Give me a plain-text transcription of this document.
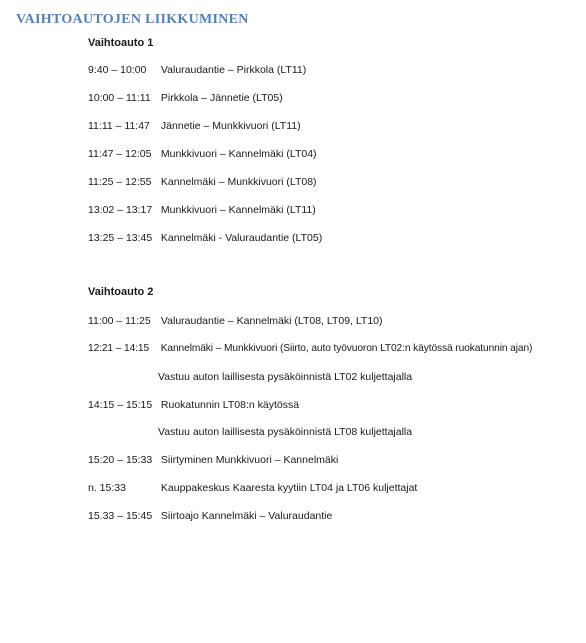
VAIHTOAUTOJEN LIIKKUMINEN
Vaihtoauto 1
9:40 – 10:00 Valuraudantie – Pirkkola (LT11)
10:00 – 11:11 Pirkkola – Jännetie (LT05)
11:11 – 11:47 Jännetie – Munkkivuori (LT11)
11:47 – 12:05 Munkkivuori – Kannelmäki (LT04)
11:25 – 12:55 Kannelmäki – Munkkivuori (LT08)
13:02 – 13:17 Munkkivuori – Kannelmäki (LT11)
13:25 – 13:45 Kannelmäki - Valuraudantie (LT05)
Vaihtoauto 2
11:00 – 11:25 Valuraudantie – Kannelmäki (LT08, LT09, LT10)
12:21 – 14:15 Kannelmäki – Munkkivuori (Siirto, auto työvuoron LT02:n käytössä ruokatunnin ajan)
Vastuu auton laillisesta pysäköinnistä LT02 kuljettajalla
14:15 – 15:15 Ruokatunnin LT08:n käytössä
Vastuu auton laillisesta pysäköinnistä LT08 kuljettajalla
15:20 – 15:33 Siirtyminen Munkkivuori – Kannelmäki
n. 15:33	Kauppakeskus Kaaresta kyytiin LT04 ja LT06 kuljettajat
15.33 – 15:45 Siirtoajo Kannelmäki – Valuraudantie
